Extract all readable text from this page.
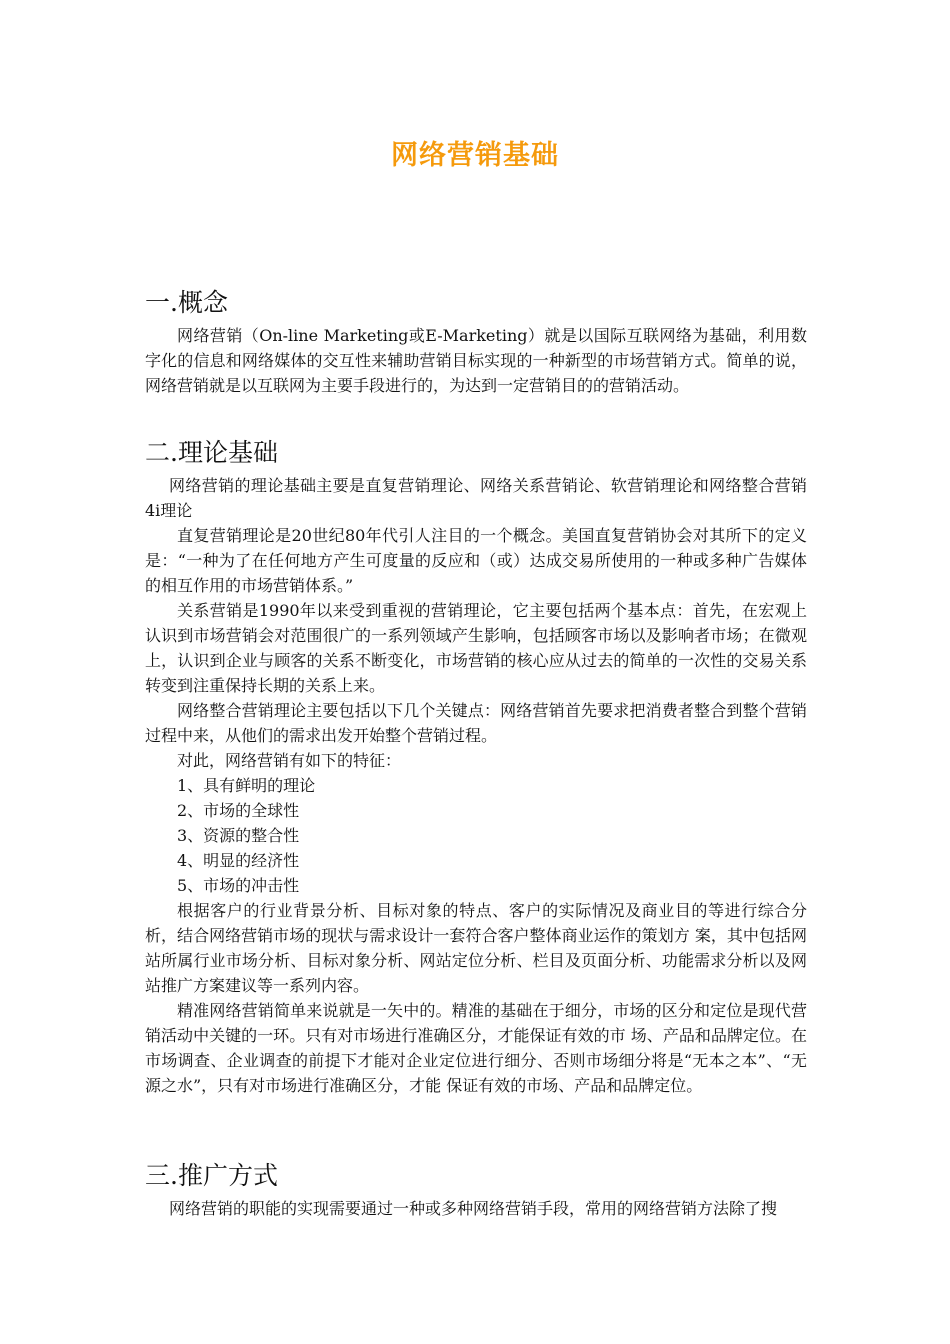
网络营销基础
一.概念

网络营销（On-line Marketing或E-Marketing）就是以国际互联网络为基础，利用数字化的信息和网络媒体的交互性来辅助营销目标实现的一种新型的市场营销方式。简单的说，网络营销就是以互联网为主要手段进行的，为达到一定营销目的的营销活动。

二.理论基础

网络营销的理论基础主要是直复营销理论、网络关系营销论、软营销理论和网络整合营销4i理论

直复营销理论是20世纪80年代引人注目的一个概念。美国直复营销协会对其所下的定义是：“一种为了在任何地方产生可度量的反应和（或）达成交易所使用的一种或多种广告媒体的相互作用的市场营销体系。”

关系营销是1990年以来受到重视的营销理论，它主要包括两个基本点：首先，在宏观上认识到市场营销会对范围很广的一系列领域产生影响，包括顾客市场以及影响者市场；在微观上，认识到企业与顾客的关系不断变化，市场营销的核心应从过去的简单的一次性的交易关系转变到注重保持长期的关系上来。

网络整合营销理论主要包括以下几个关键点：网络营销首先要求把消费者整合到整个营销过程中来，从他们的需求出发开始整个营销过程。

对此，网络营销有如下的特征：

1、具有鲜明的理论
2、市场的全球性
3、资源的整合性
4、明显的经济性
5、市场的冲击性

根据客户的行业背景分析、目标对象的特点、客户的实际情况及商业目的等进行综合分析，结合网络营销市场的现状与需求设计一套符合客户整体商业运作的策划方 案，其中包括网站所属行业市场分析、目标对象分析、网站定位分析、栏目及页面分析、功能需求分析以及网站推广方案建议等一系列内容。

精准网络营销简单来说就是一矢中的。精准的基础在于细分，市场的区分和定位是现代营销活动中关键的一环。只有对市场进行准确区分，才能保证有效的市 场、产品和品牌定位。在市场调查、企业调查的前提下才能对企业定位进行细分、否则市场细分将是“无本之本”、“无源之水”，只有对市场进行准确区分，才能 保证有效的市场、产品和品牌定位。

三.推广方式

网络营销的职能的实现需要通过一种或多种网络营销手段，常用的网络营销方法除了搜
